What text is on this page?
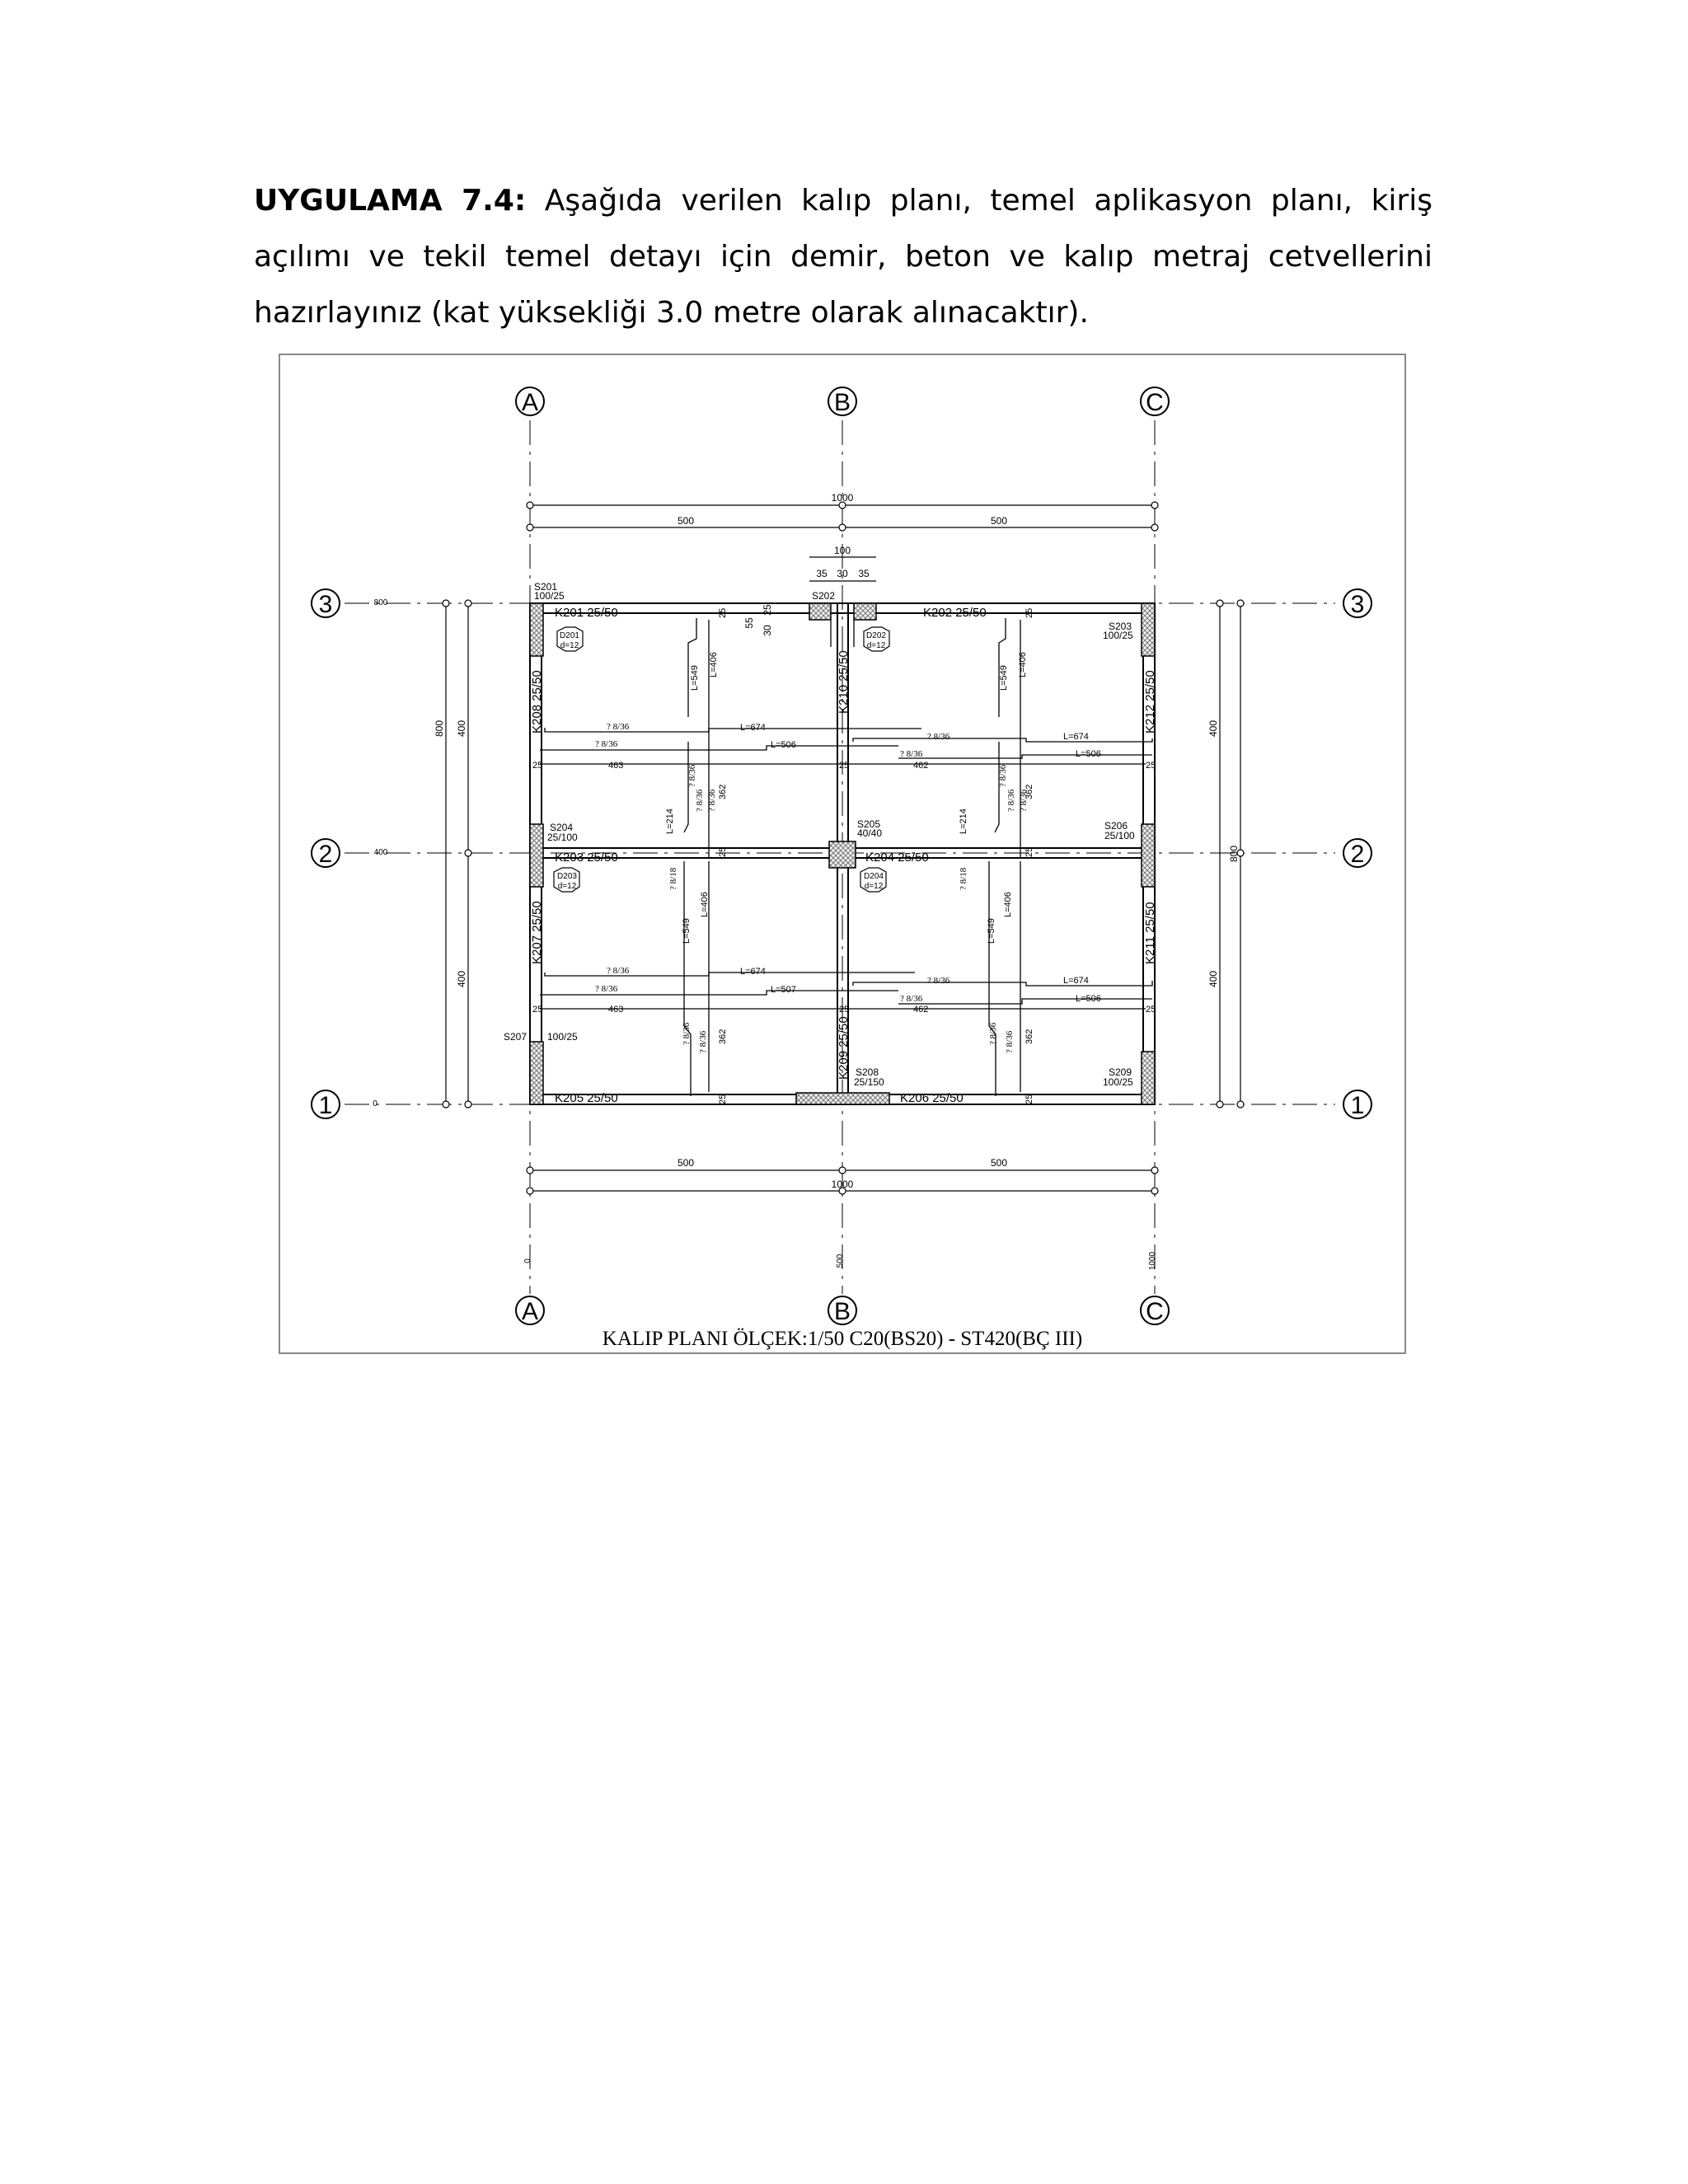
UYGULAMA 7.4: Aşağıda verilen kalıp planı, temel aplikasyon planı, kiriş açılımı ve tekil temel detayı için demir, beton ve kalıp metraj cetvellerini hazırlayınız (kat yüksekliği 3.0 metre olarak alınacaktır).
A	B	C
A	B	C
3
2
1
3
2
1
0	500	1000
800
400
0
1000
500	500
500	500
1000
100
35 30 35
800 400
400
400
400
800
55
30
25
D201
d=12
D202
d=12
D203
d=12
D204
d=12
K201 25/50	K202 25/50
K203 25/50	K204 25/50
K205 25/50	K206 25/50
K207 25/50
K208 25/50
K209 25/50
K210 25/50
K211 25/50
K212 25/50
S201
100/25	S202
S203
100/25
S204
25/100
S205
40/40
S206
25/100
S207 100/25
S208
25/150
S209
100/25
? 8/36
? 8/36
? 8/36
? 8/36
? 8/36
? 8/36
? 8/36
? 8/36
? 8/36
? 8/36 ? 8/36
? 8/36
? 8/36 ? 8/36
? 8/18	? 8/18
? 8/36 ? 8/36	? 8/36 ? 8/36
L=674
L=506
L=674
L=506
L=674
L=507
L=674
L=506
L=549
L=406
L=549
L=406
L=214	L=214
L=406	L=406
L=549	L=549
463	462
463	462
362	362
362	362
25	25	25
25	25	25
25	25
25	25
25	25
KALIP PLANI ÖLÇEK:1/50 C20(BS20) - ST420(BÇ III)
